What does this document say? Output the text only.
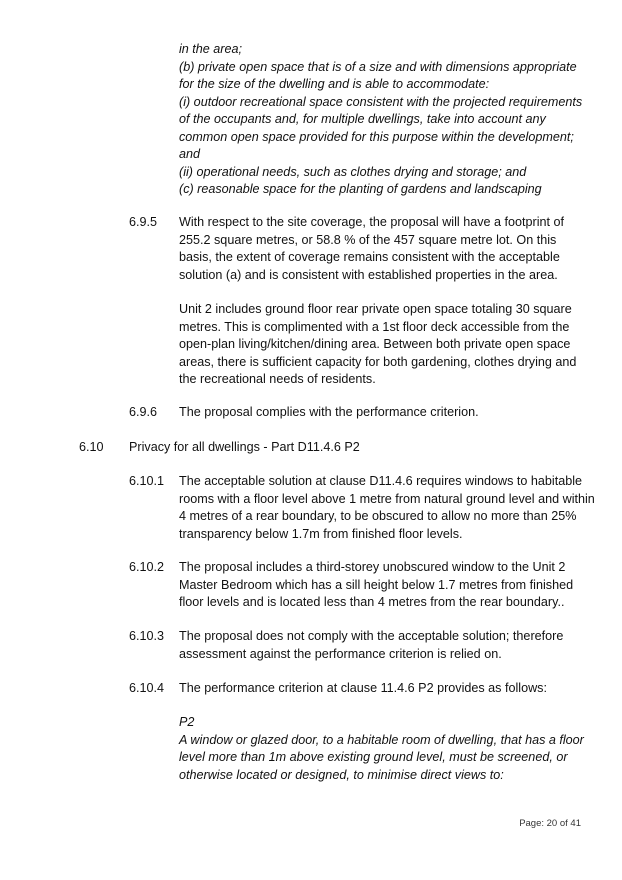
in the area;
(b) private open space that is of a size and with dimensions appropriate
for the size of the dwelling and is able to accommodate:
(i) outdoor recreational space consistent with the projected requirements
of the occupants and, for multiple dwellings, take into account any
common open space provided for this purpose within the development;
and
(ii) operational needs, such as clothes drying and storage; and
(c) reasonable space for the planting of gardens and landscaping
6.9.5 With respect to the site coverage, the proposal will have a footprint of
255.2 square metres, or 58.8 % of the 457 square metre lot. On this
basis, the extent of coverage remains consistent with the acceptable
solution (a) and is consistent with established properties in the area.
Unit 2 includes ground floor rear private open space totaling 30 square
metres. This is complimented with a 1st floor deck accessible from the
open-plan living/kitchen/dining area. Between both private open space
areas, there is sufficient capacity for both gardening, clothes drying and
the recreational needs of residents.
6.9.6 The proposal complies with the performance criterion.
6.10 Privacy for all dwellings - Part D11.4.6 P2
6.10.1 The acceptable solution at clause D11.4.6 requires windows to habitable
rooms with a floor level above 1 metre from natural ground level and within
4 metres of a rear boundary, to be obscured to allow no more than 25%
transparency below 1.7m from finished floor levels.
6.10.2 The proposal includes a third-storey unobscured window to the Unit 2
Master Bedroom which has a sill height below 1.7 metres from finished
floor levels and is located less than 4 metres from the rear boundary..
6.10.3 The proposal does not comply with the acceptable solution; therefore
assessment against the performance criterion is relied on.
6.10.4 The performance criterion at clause 11.4.6 P2 provides as follows:
P2
A window or glazed door, to a habitable room of dwelling, that has a floor
level more than 1m above existing ground level, must be screened, or
otherwise located or designed, to minimise direct views to:
Page: 20 of 41
